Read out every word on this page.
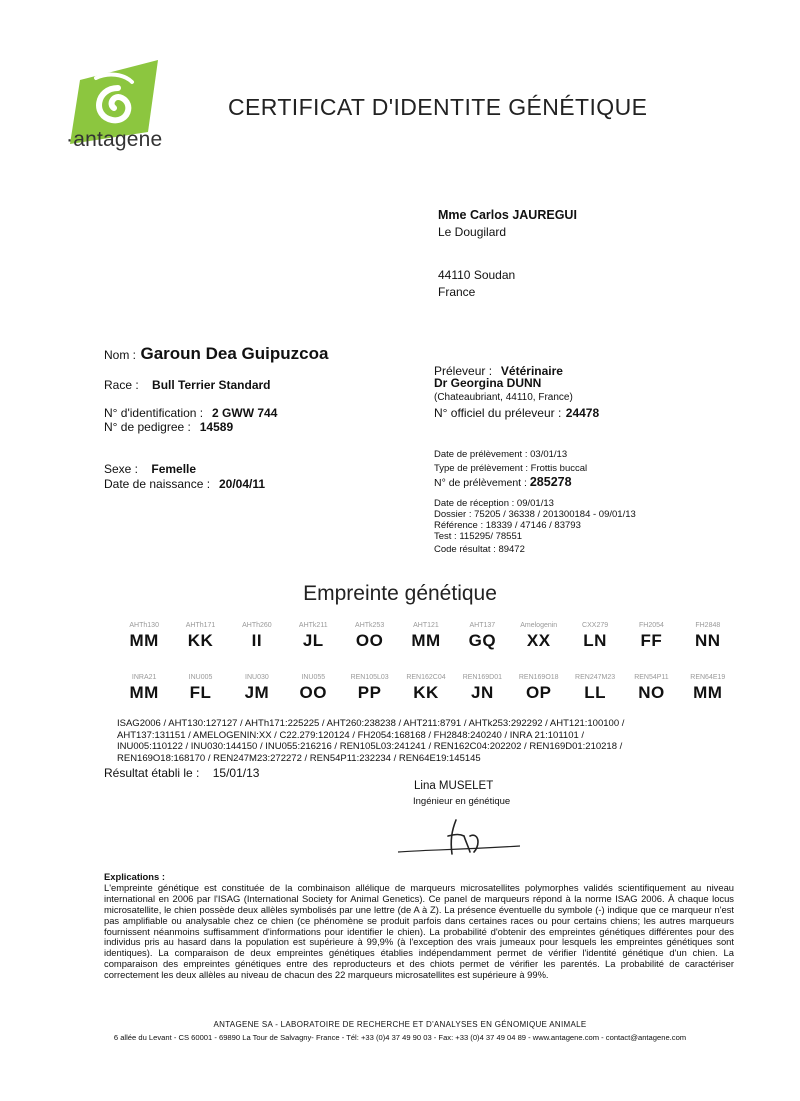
·antagene
CERTIFICAT D'IDENTITE GÉNÉTIQUE
Mme Carlos JAUREGUI
Le Dougilard
44110 Soudan
France
Nom : Garoun Dea Guipuzcoa
Race : Bull Terrier Standard
N° d'identification : 2 GWW 744
N° de pedigree : 14589
Sexe : Femelle
Date de naissance : 20/04/11
Préleveur : Vétérinaire
Dr Georgina DUNN
(Chateaubriant, 44110, France)
N° officiel du préleveur : 24478
Date de prélèvement : 03/01/13
Type de prélèvement : Frottis buccal
N° de prélèvement : 285278
Date de réception : 09/01/13
Dossier : 75205 / 36338 / 201300184 - 09/01/13
Référence : 18339 / 47146 / 83793
Test : 115295/ 78551
Code résultat : 89472
Empreinte génétique
AHTh130
MM
AHTh171
KK
AHTh260
II
AHTk211
JL
AHTk253
OO
AHT121
MM
AHT137
GQ
Amelogenin
XX
CXX279
LN
FH2054
FF
FH2848
NN
INRA21
MM
INU005
FL
INU030
JM
INU055
OO
REN105L03
PP
REN162C04
KK
REN169D01
JN
REN169O18
OP
REN247M23
LL
REN54P11
NO
REN64E19
MM
ISAG2006 / AHT130:127127 / AHTh171:225225 / AHT260:238238 / AHT211:8791 / AHTk253:292292 / AHT121:100100 /
AHT137:131151 / AMELOGENIN:XX / C22.279:120124 / FH2054:168168 / FH2848:240240 / INRA 21:101101 /
INU005:110122 / INU030:144150 / INU055:216216 / REN105L03:241241 / REN162C04:202202 / REN169D01:210218 /
REN169O18:168170 / REN247M23:272272 / REN54P11:232234 / REN64E19:145145
Résultat établi le : 15/01/13
Lina MUSELET
Ingénieur en génétique
Explications :
L'empreinte génétique est constituée de la combinaison allélique de marqueurs microsatellites polymorphes validés scientifiquement au niveau international en 2006 par l'ISAG (International Society for Animal Genetics). Ce panel de marqueurs répond à la norme ISAG 2006. À chaque locus microsatellite, le chien possède deux allèles symbolisés par une lettre (de A à Z). La présence éventuelle du symbole (-) indique que ce marqueur n'est pas amplifiable ou analysable chez ce chien (ce phénomène se produit parfois dans certaines races ou pour certains chiens; les autres marqueurs fournissent néanmoins suffisamment d'informations pour identifier le chien). La probabilité d'obtenir des empreintes génétiques différentes pour des individus pris au hasard dans la population est supérieure à 99,9% (à l'exception des vrais jumeaux pour lesquels les empreintes génétiques sont identiques). La comparaison de deux empreintes génétiques établies indépendamment permet de vérifier l'identité génétique d'un chien. La comparaison des empreintes génétiques entre des reproducteurs et des chiots permet de vérifier les parentés. La probabilité de caractériser correctement les deux allèles au niveau de chacun des 22 marqueurs microsatellites est supérieure à 99%.
ANTAGENE SA - LABORATOIRE DE RECHERCHE ET D'ANALYSES EN GÉNOMIQUE ANIMALE
6 allée du Levant - CS 60001 - 69890 La Tour de Salvagny- France - Tél: +33 (0)4 37 49 90 03 - Fax: +33 (0)4 37 49 04 89 - www.antagene.com - contact@antagene.com
